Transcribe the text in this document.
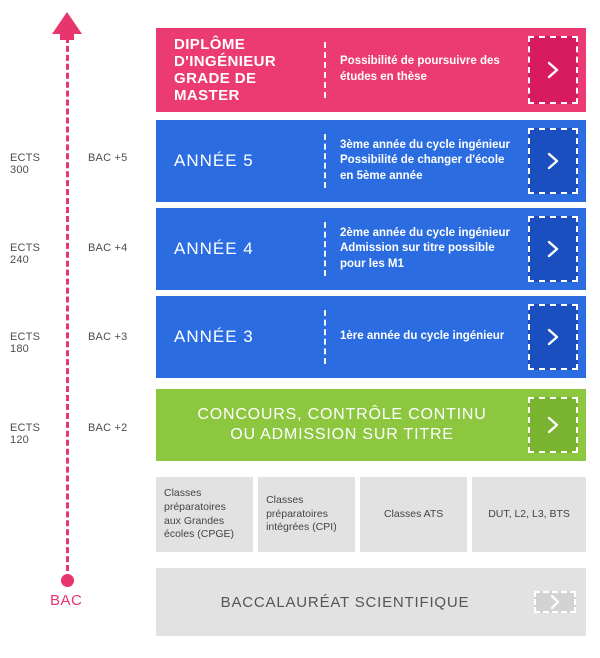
ECTS 300
BAC +5
ECTS 240
BAC +4
ECTS 180
BAC +3
ECTS 120
BAC +2
BAC
DIPLÔME D'INGÉNIEUR GRADE DE MASTER
Possibilité de poursuivre des études en thèse
ANNÉE 5
3ème année du cycle ingénieur Possibilité de changer d'école en 5ème année
ANNÉE 4
2ème année du cycle ingénieur Admission sur titre possible pour les M1
ANNÉE 3	1ère année du cycle ingénieur
CONCOURS, CONTRÔLE CONTINU
OU ADMISSION SUR TITRE
Classes préparatoires aux Grandes écoles (CPGE)
Classes préparatoires intégrées (CPI)
Classes ATS	DUT, L2, L3, BTS
BACCALAURÉAT SCIENTIFIQUE
